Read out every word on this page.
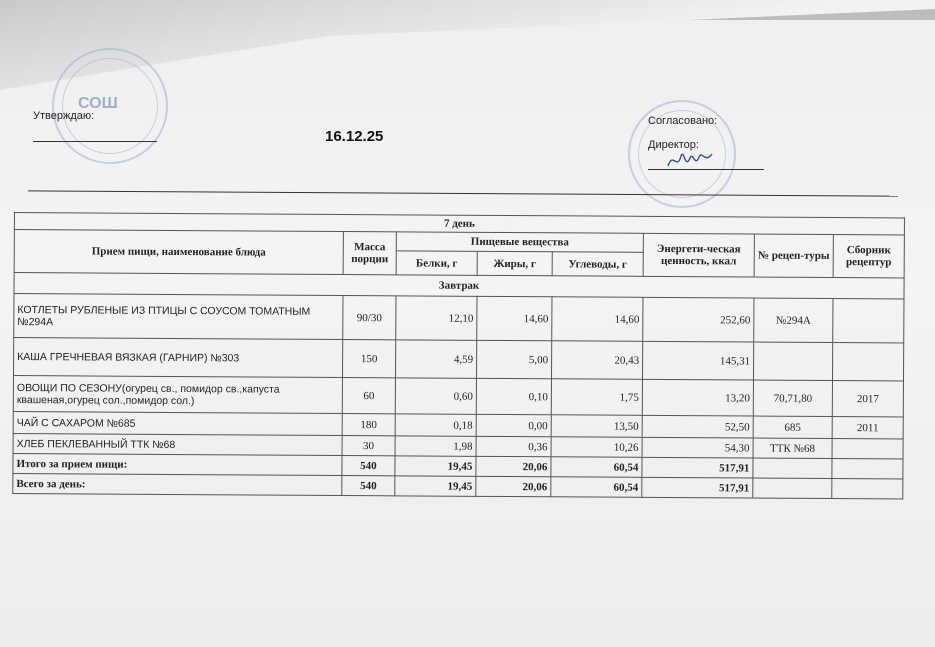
СОШ
Утверждаю:
16.12.25
Согласовано:
Директор:
7 день							
Прием пищи, наименование блюда	Масса порции	Пищевые вещества			Энергети-ческая ценность, ккал	№ рецеп-туры	Сборник рецептур
		Белки, г	Жиры, г	Углеводы, г			
Завтрак							
КОТЛЕТЫ РУБЛЕНЫЕ ИЗ ПТИЦЫ С СОУСОМ ТОМАТНЫМ №294А	90/30	12,10	14,60	14,60	252,60	№294А	
КАША ГРЕЧНЕВАЯ ВЯЗКАЯ (ГАРНИР) №303	150	4,59	5,00	20,43	145,31		
ОВОЩИ ПО СЕЗОНУ(огурец св., помидор св.,капуста квашеная,огурец сол.,помидор сол.)	60	0,60	0,10	1,75	13,20	70,71,80	2017
ЧАЙ С САХАРОМ №685	180	0,18	0,00	13,50	52,50	685	2011
ХЛЕБ ПЕКЛЕВАННЫЙ ТТК №68	30	1,98	0,36	10,26	54,30	ТТК №68	
Итого за прием пищи:	540	19,45	20,06	60,54	517,91		
Всего за день:	540	19,45	20,06	60,54	517,91		
